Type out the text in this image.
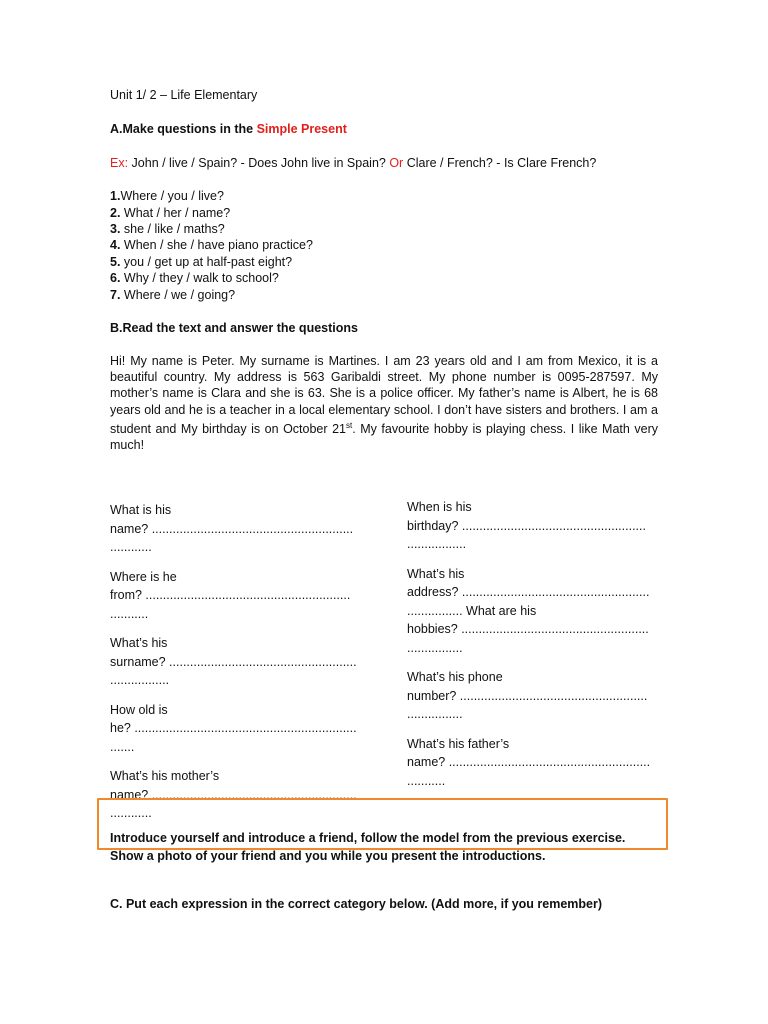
Unit 1/ 2 – Life Elementary
A.Make questions in the Simple Present
Ex: John / live / Spain? - Does John live in Spain? Or Clare / French? - Is Clare French?
1.Where / you / live?
2. What / her / name?
3. she / like / maths?
4. When / she / have piano practice?
5. you / get up at half-past eight?
6. Why / they / walk to school?
7. Where / we / going?
B.Read the text and answer the questions
Hi! My name is Peter. My surname is Martines. I am 23 years old and I am from Mexico, it is a beautiful country. My address is 563 Garibaldi street. My phone number is 0095-287597. My mother’s name is Clara and she is 63. She is a police officer. My father’s name is Albert, he is 68 years old and he is a teacher in a local elementary school. I don’t have sisters and brothers. I am a student and My birthday is on October 21st. My favourite hobby is playing chess. I like Math very much!
What is his
name? ..........................................................
............
Where is he
from? ...........................................................
...........
What’s his
surname? ......................................................
.................
How old is
he? ................................................................
.......
What’s his mother’s
name? ...........................................................
............
When is his
birthday? .....................................................
.................
What’s his
address? ......................................................
................ What are his
hobbies? ......................................................
................
What’s his phone
number? ......................................................
................
What’s his father’s
name? ..........................................................
...........
Introduce yourself and introduce a friend, follow the model from the previous exercise.
Show a photo of your friend and you while you present the introductions.
C. Put each expression in the correct category below. (Add more, if you remember)
